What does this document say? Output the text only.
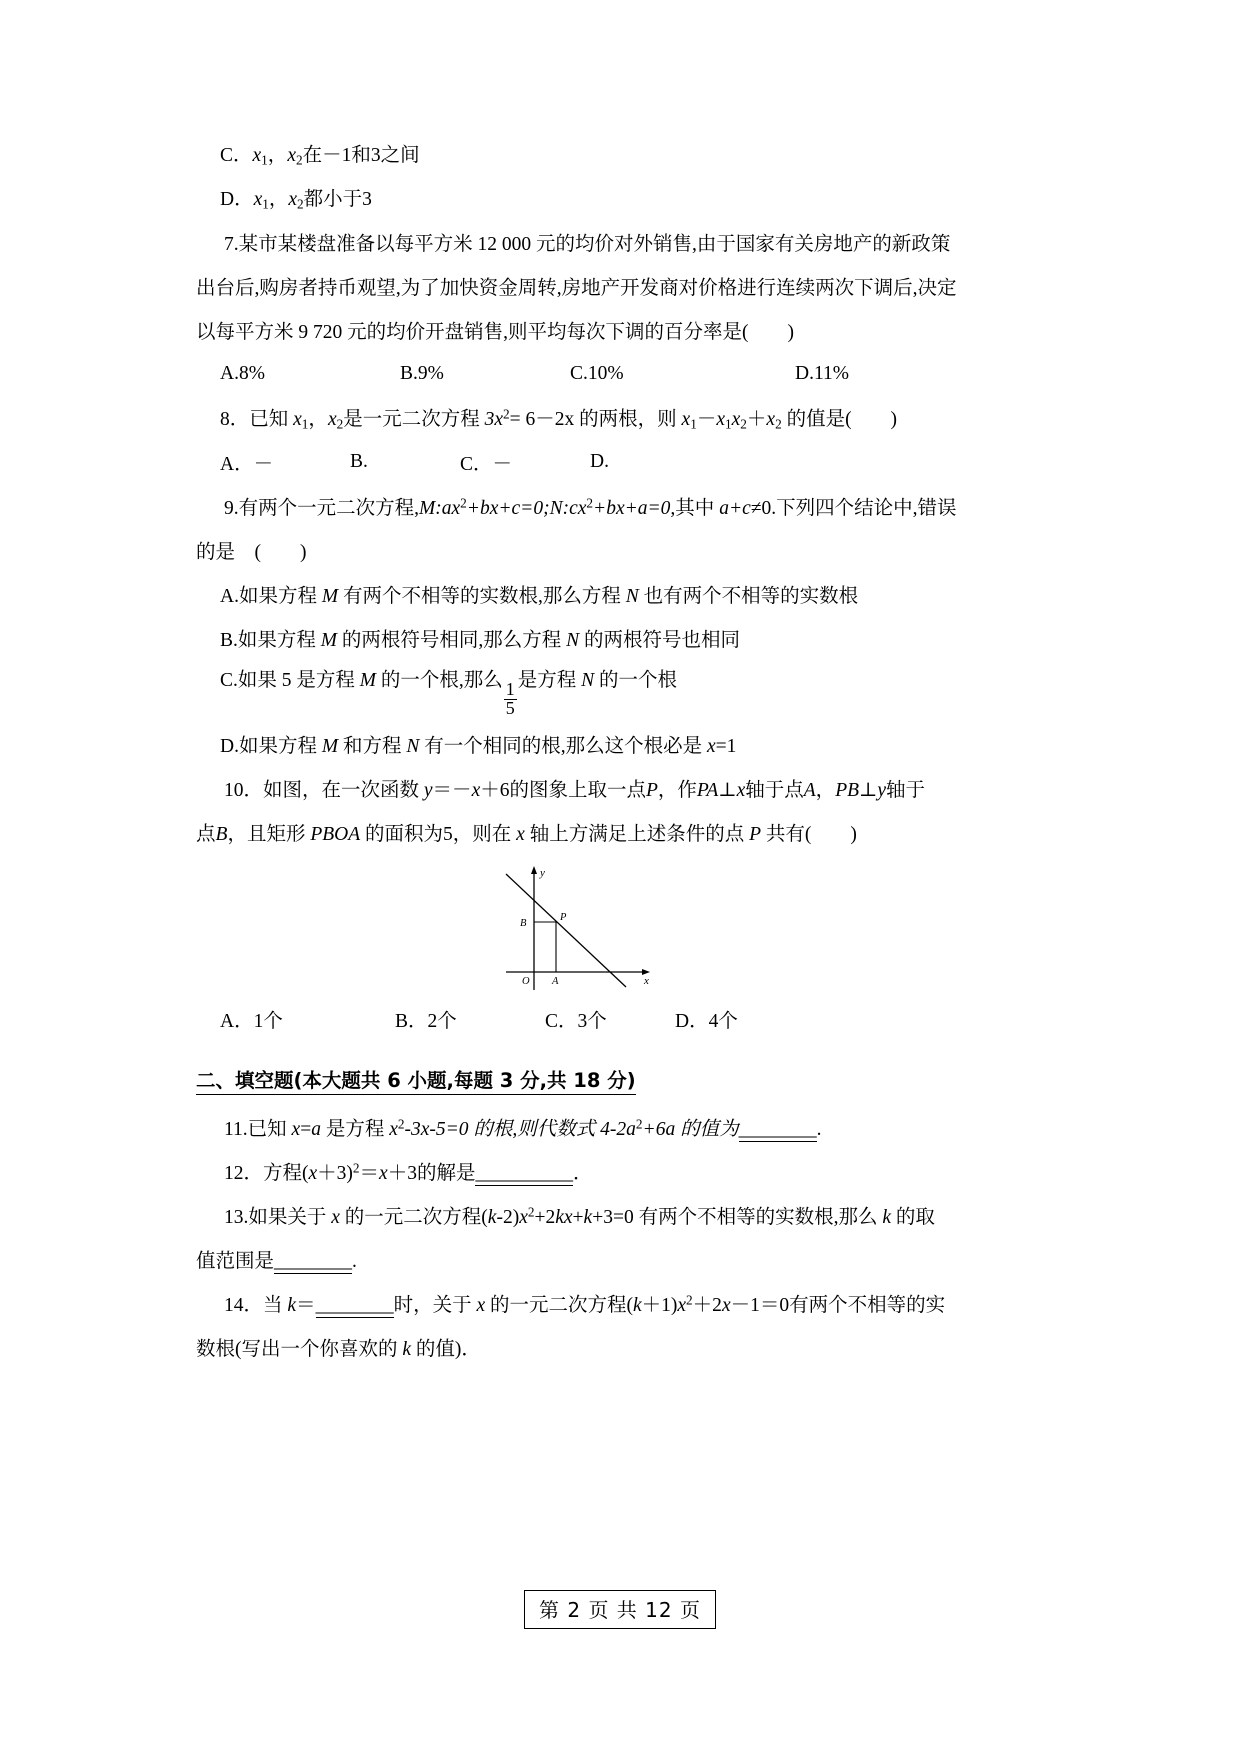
C．$x_1$，$x_2$在－1和3之间
D．$x_1$，$x_2$都小于3
7.某市某楼盘准备以每平方米 12 000 元的均价对外销售,由于国家有关房地产的新政策
出台后,购房者持币观望,为了加快资金周转,房地产开发商对价格进行连续两次下调后,决定
以每平方米 9 720 元的均价开盘销售,则平均每次下调的百分率是(　　)
A.8%	B.9%	C.10%	D.11%
8．已知 $x_1$，$x_2$是一元二次方程 $3x^2= 6-2x$ 的两根，则 $x_1-x_1x_2+x_2$ 的值是(　　)
A．－	B.	C．－	D.
9.有两个一元二次方程$,M:ax^2+bx+c=0;N:cx^2+bx+a=0$,其中 a+c≠0.下列四个结论中,错误
的是　(　　)
A.如果方程 M 有两个不相等的实数根,那么方程 N 也有两个不相等的实数根
B.如果方程 M 的两根符号相同,那么方程 N 的两根符号也相同
C.如果 5 是方程 M 的一个根,那么
$\frac{1}{5}$
是方程 N 的一个根
D.如果方程 M 和方程 N 有一个相同的根,那么这个根必是 x=1
10．如图，在一次函数 y＝－x＋6的图象上取一点P，作PA⊥x轴于点A，PB⊥y轴于
点B，且矩形 PBOA 的面积为5，则在 x 轴上方满足上述条件的点 P 共有(　　)
y
x
B
P
O A
A．1个	B．2个	C．3个	D．4个
二、填空题(本大题共 6 小题,每题 3 分,共 18 分)
11.已知 x=a 是方程 $x^2-3x-5=0$ 的根,则代数式 $4-2a^2+6a$ 的值为________.
12．方程$(x+3)^2=x+3$的解是__________．
13.如果关于 x 的一元二次方程$(k-2)x^2+2kx+k+3=0$ 有两个不相等的实数根,那么 k 的取
值范围是________.
14．当 k＝________时，关于 x 的一元二次方程$(k+1)x^2+2x-1=0$有两个不相等的实
数根(写出一个你喜欢的 k 的值)．
第 2 页 共 12 页
